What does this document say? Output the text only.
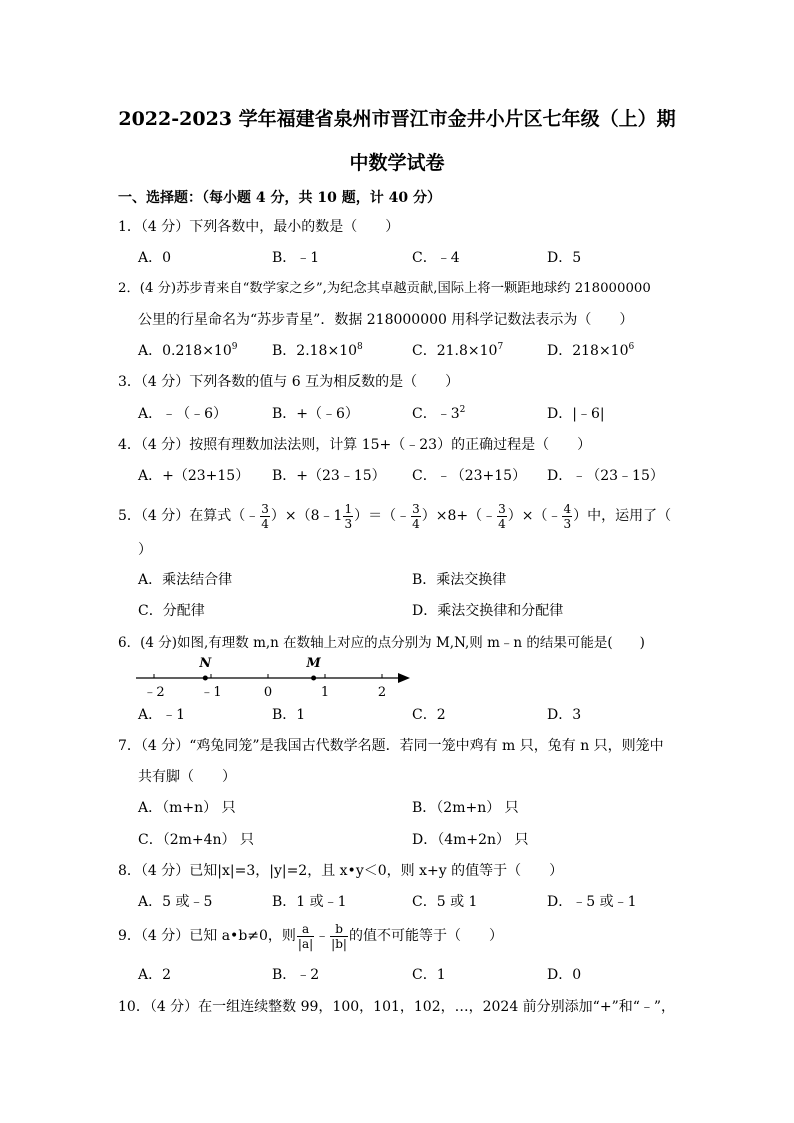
2022-2023 学年福建省泉州市晋江市金井小片区七年级（上）期
中数学试卷
一、选择题：（每小题 4 分，共 10 题，计 40 分）
1．（4 分）下列各数中，最小的数是（　　）
A．0	B．﹣1	C．﹣4	D．5
2．(4 分)苏步青来自“数学家之乡”,为纪念其卓越贡献,国际上将一颗距地球约 218000000
公里的行星命名为“苏步青星”．数据 218000000 用科学记数法表示为（　　）
A．$0.218\times 10^9$ B．$2.18\times 10^8$	C．$21.8\times 10^7$	D．$218\times 10^6$
3．（4 分）下列各数的值与 6 互为相反数的是（　　）
A．﹣（﹣6）	B．+（﹣6）	C．$﹣3^2$	D．|﹣6|
4．（4 分）按照有理数加法法则，计算 15+（﹣23）的正确过程是（　　）
A．+（23+15） B．+（23﹣15） C．﹣（23+15） D．﹣（23﹣15）
5．（4 分）在算式（﹣ $\frac{3}{4}$ ）×（8﹣1 $\frac{1}{3}$ ）＝（﹣ $\frac{3}{4}$ ）×8+（﹣ $\frac{3}{4}$ ）×（﹣ $\frac{4}{3}$ ）中，运用了（
）
A．乘法结合律	B．乘法交换律
C．分配律	D．乘法交换律和分配律
6．(4 分)如图,有理数 m,n 在数轴上对应的点分别为 M,N,则 m﹣n 的结果可能是(　　)
﹣2	﹣1	0	1	2
N	M
A．﹣1	B．1	C．2	D．3
7．（4 分）“鸡兔同笼”是我国古代数学名题．若同一笼中鸡有 m 只，兔有 n 只，则笼中
共有脚（　　）
A．（m+n） 只	B．（2m+n） 只
C．（2m+4n） 只	D．（4m+2n） 只
8．（4 分）已知|x|=3，|y|=2，且 x•y＜0，则 x+y 的值等于（　　）
A．5 或﹣5	B．1 或﹣1	C．5 或 1	D．﹣5 或﹣1
9．（4 分）已知 a•b≠0，则 $\frac{a}{|a|}$ ﹣ $\frac{b}{|b|}$ 的值不可能等于（　　）
A．2	B．﹣2	C．1	D．0
10．（4 分）在一组连续整数 99，100，101，102，…，2024 前分别添加“+”和“﹣”，
